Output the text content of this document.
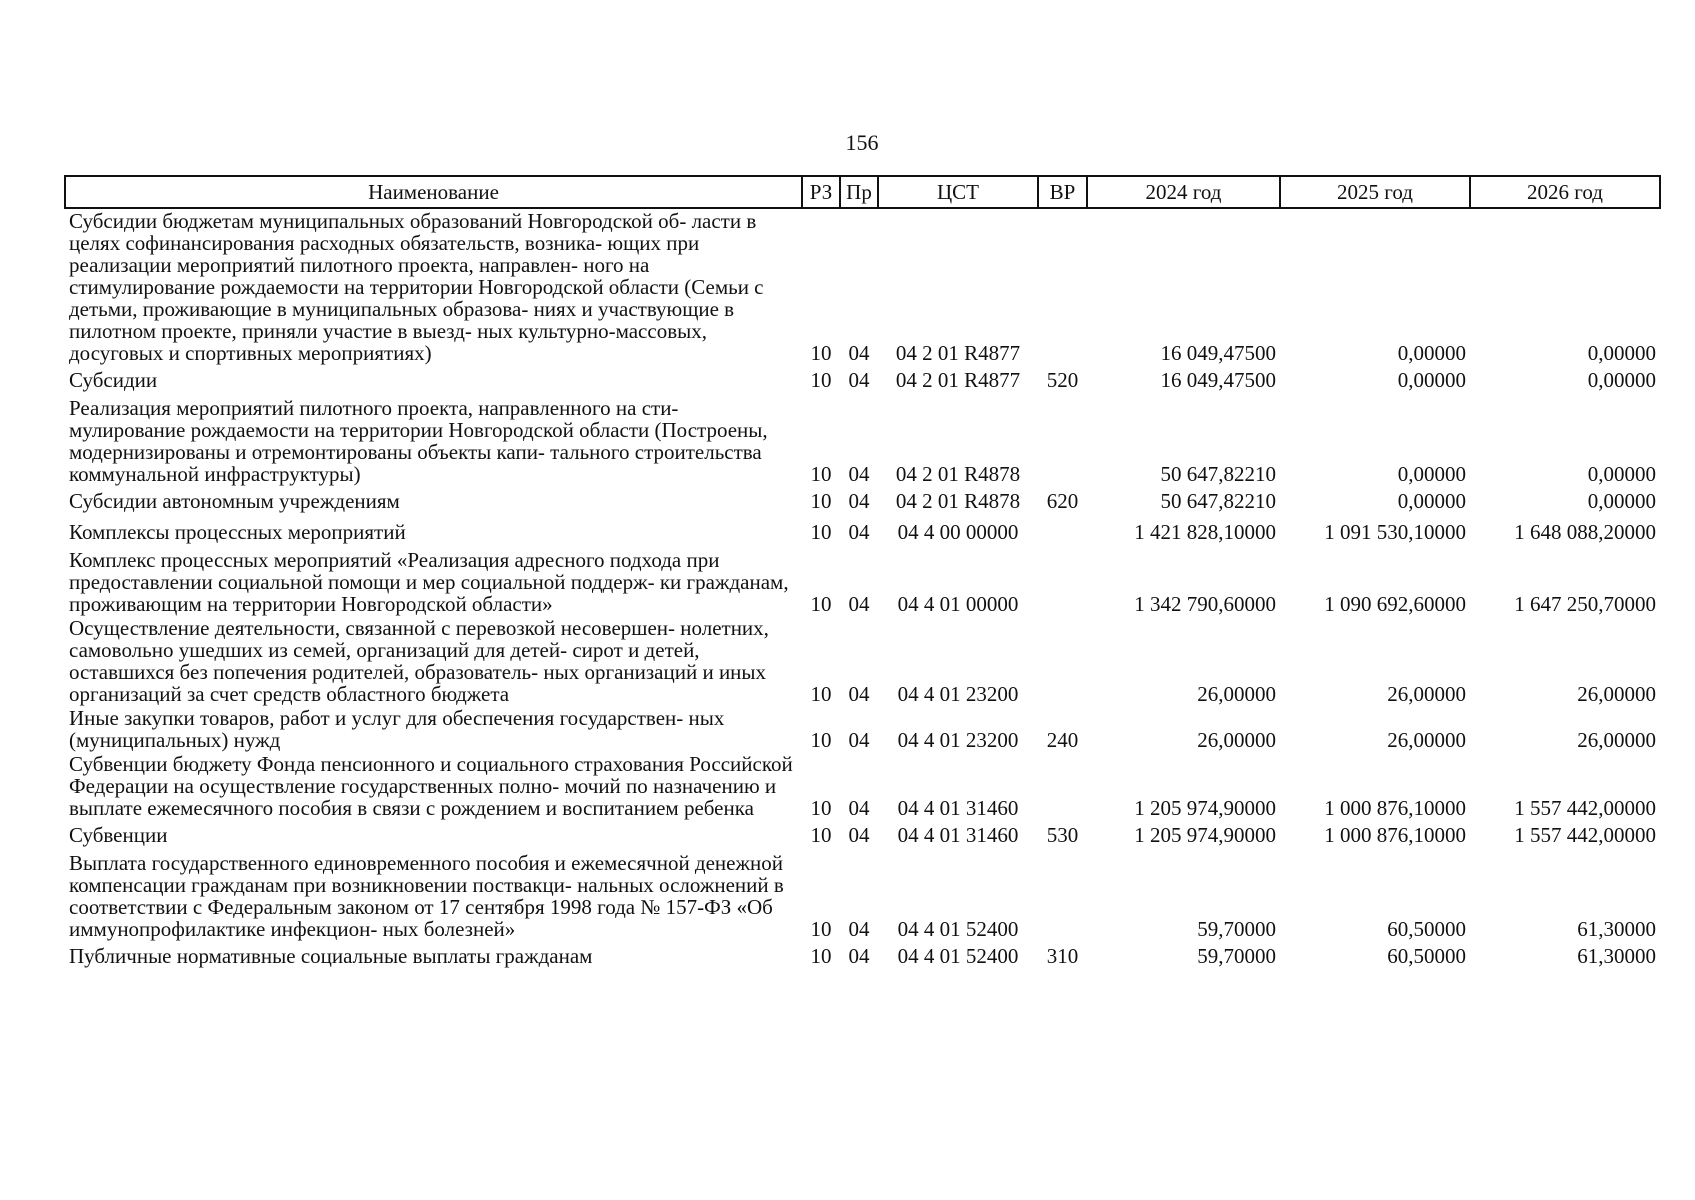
156
Наименование	РЗ	Пр	ЦСТ	ВР	2024 год	2025 год	2026 год
Субсидии бюджетам муниципальных образований Новгородской об- ласти в целях софинансирования расходных обязательств, возника- ющих при реализации мероприятий пилотного проекта, направлен- ного на стимулирование рождаемости на территории Новгородской области (Семьи с детьми, проживающие в муниципальных образова- ниях и участвующие в пилотном проекте, приняли участие в выезд- ных культурно-массовых, досуговых и спортивных мероприятиях)	10	04	04 2 01 R4877		16 049,47500	0,00000	0,00000
Субсидии	10	04	04 2 01 R4877	520	16 049,47500	0,00000	0,00000
Реализация мероприятий пилотного проекта, направленного на сти- мулирование рождаемости на территории Новгородской области (Построены, модернизированы и отремонтированы объекты капи- тального строительства коммунальной инфраструктуры)	10	04	04 2 01 R4878		50 647,82210	0,00000	0,00000
Субсидии автономным учреждениям	10	04	04 2 01 R4878	620	50 647,82210	0,00000	0,00000
Комплексы процессных мероприятий	10	04	04 4 00 00000		1 421 828,10000	1 091 530,10000	1 648 088,20000
Комплекс процессных мероприятий «Реализация адресного подхода при предоставлении социальной помощи и мер социальной поддерж- ки гражданам, проживающим на территории Новгородской области»	10	04	04 4 01 00000		1 342 790,60000	1 090 692,60000	1 647 250,70000
Осуществление деятельности, связанной с перевозкой несовершен- нолетних, самовольно ушедших из семей, организаций для детей- сирот и детей, оставшихся без попечения родителей, образователь- ных организаций и иных организаций за счет средств областного бюджета	10	04	04 4 01 23200		26,00000	26,00000	26,00000
Иные закупки товаров, работ и услуг для обеспечения государствен- ных (муниципальных) нужд	10	04	04 4 01 23200	240	26,00000	26,00000	26,00000
Субвенции бюджету Фонда пенсионного и социального страхования Российской Федерации на осуществление государственных полно- мочий по назначению и выплате ежемесячного пособия в связи с рождением и воспитанием ребенка	10	04	04 4 01 31460		1 205 974,90000	1 000 876,10000	1 557 442,00000
Субвенции	10	04	04 4 01 31460	530	1 205 974,90000	1 000 876,10000	1 557 442,00000
Выплата государственного единовременного пособия и ежемесячной денежной компенсации гражданам при возникновении поствакци- нальных осложнений в соответствии с Федеральным законом от 17 сентября 1998 года № 157-ФЗ «Об иммунопрофилактике инфекцион- ных болезней»	10	04	04 4 01 52400		59,70000	60,50000	61,30000
Публичные нормативные социальные выплаты гражданам	10	04	04 4 01 52400	310	59,70000	60,50000	61,30000
